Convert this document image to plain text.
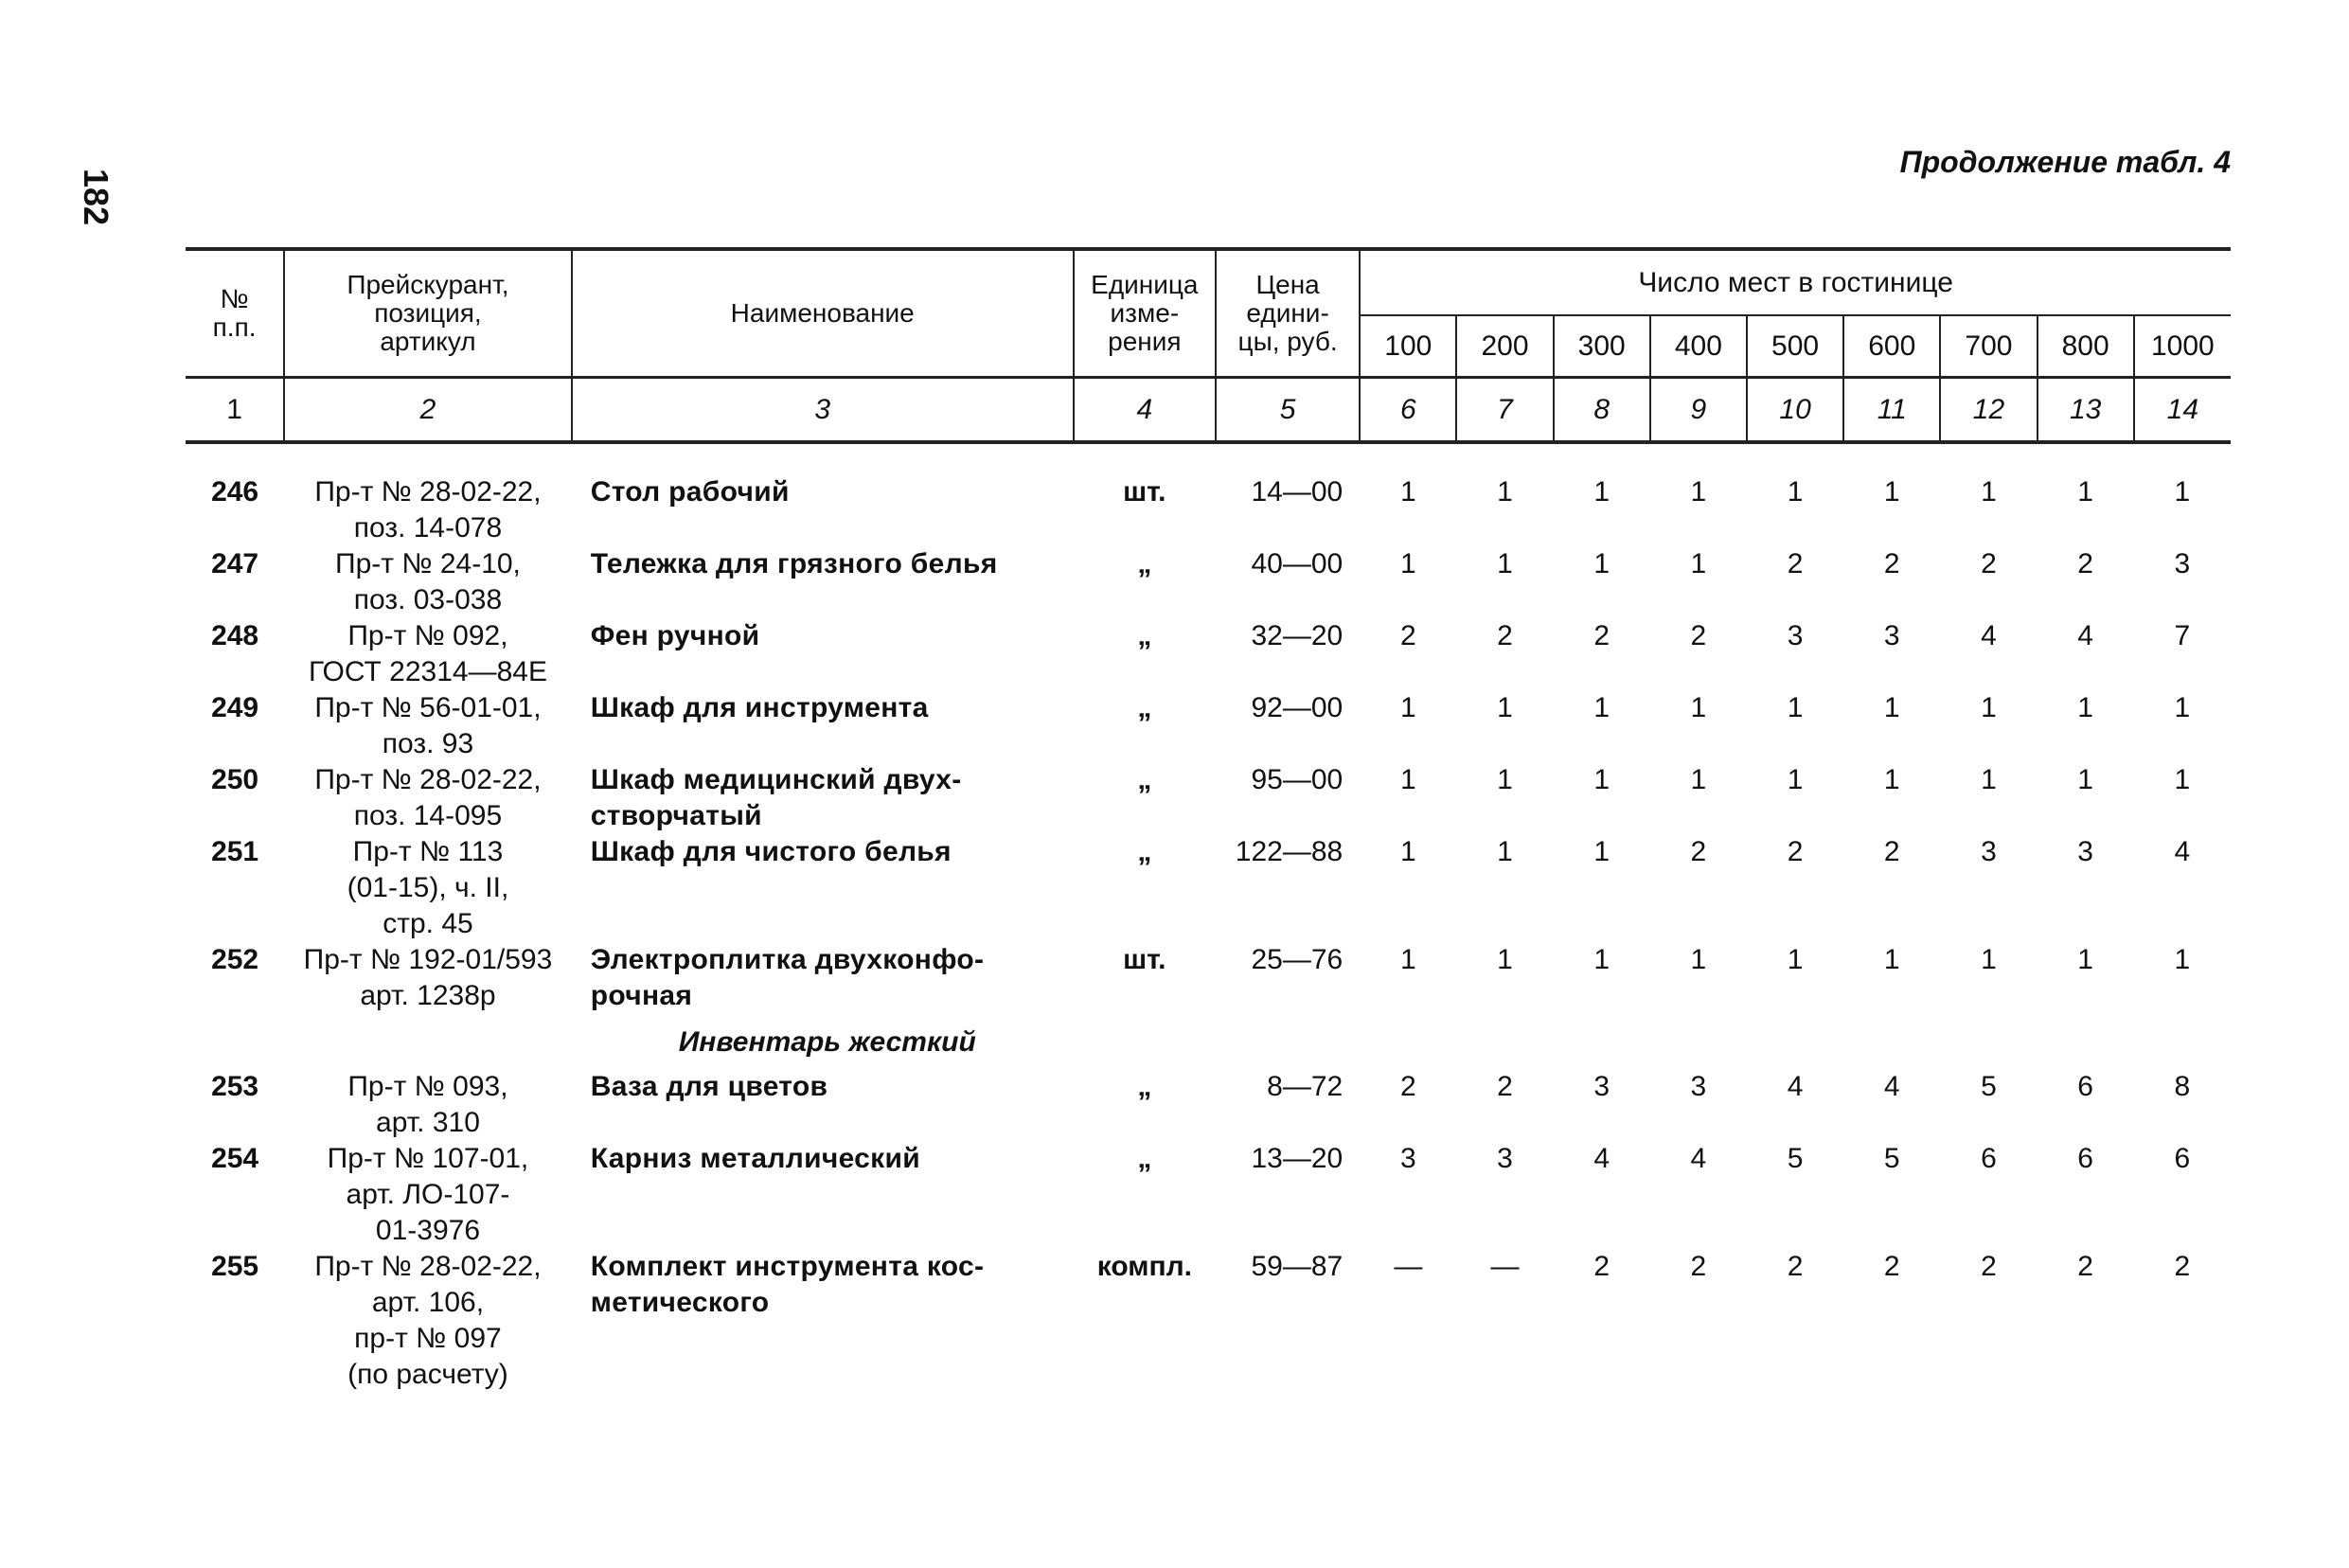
182
Продолжение табл. 4
№
п.п.	Прейскурант,
позиция,
артикул	Наименование	Единица
изме-
рения	Цена
едини-
цы, руб.	Число мест в гостинице								
					100	200	300	400	500	600	700	800	1000
1	2	3	4	5	6	7	8	9	10	11	12	13	14

246	Пр-т № 28-02-22,
поз. 14-078	Стол рабочий	шт.	14—00	1	1	1	1	1	1	1	1	1
247	Пр-т № 24-10,
поз. 03-038	Тележка для грязного белья	„	40—00	1	1	1	1	2	2	2	2	3
248	Пр-т № 092,
ГОСТ 22314—84Е	Фен ручной	„	32—20	2	2	2	2	3	3	4	4	7
249	Пр-т № 56-01-01,
поз. 93	Шкаф для инструмента	„	92—00	1	1	1	1	1	1	1	1	1
250	Пр-т № 28-02-22,
поз. 14-095	Шкаф медицинский двух-
створчатый	„	95—00	1	1	1	1	1	1	1	1	1
251	Пр-т № 113
(01-15), ч. II,
стр. 45	Шкаф для чистого белья	„	122—88	1	1	1	2	2	2	3	3	4
252	Пр-т № 192-01/593
арт. 1238р	Электроплитка двухконфо-
рочная	шт.	25—76	1	1	1	1	1	1	1	1	1
		Инвентарь жесткий											
253	Пр-т № 093,
арт. 310	Ваза для цветов	„	8—72	2	2	3	3	4	4	5	6	8
254	Пр-т № 107-01,
арт. ЛО-107-
01-3976	Карниз металлический	„	13—20	3	3	4	4	5	5	6	6	6
255	Пр-т № 28-02-22,
арт. 106,
пр-т № 097
(по расчету)	Комплект инструмента кос-
метического	компл.	59—87	—	—	2	2	2	2	2	2	2
